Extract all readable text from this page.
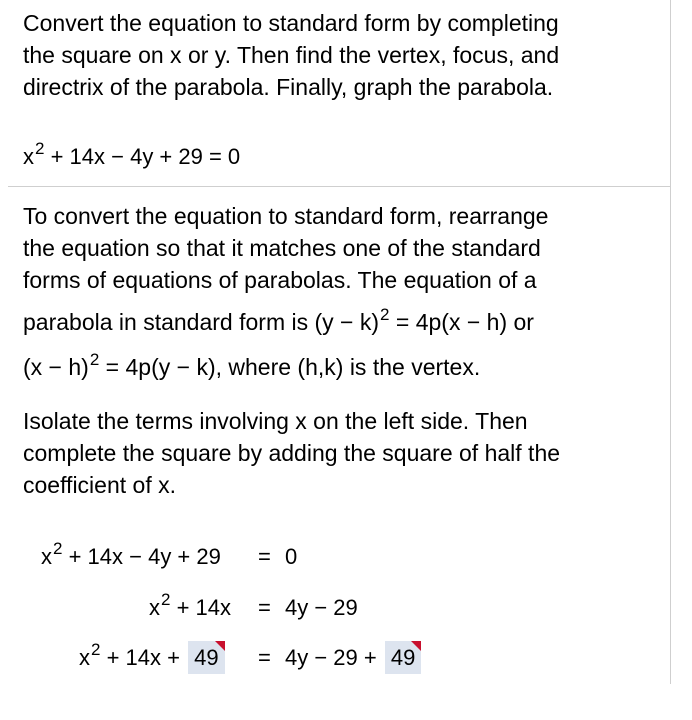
Convert the equation to standard form by completing
the square on x or y. Then find the vertex, focus, and
directrix of the parabola. Finally, graph the parabola.
$x^2 + 14x - 4y + 29 = 0$
To convert the equation to standard form, rearrange
the equation so that it matches one of the standard
forms of equations of parabolas. The equation of a
parabola in standard form is $(y - k)^2 = 4p(x - h)$ or
$(x - h)^2 = 4p(y - k)$, where (h,k) is the vertex.
Isolate the terms involving x on the left side. Then
complete the square by adding the square of half the
coefficient of x.
$x^2 + 14x - 4y + 29 = 0$
$x^2 + 14x = 4y - 29$
$x^2 + 14x + 49 = 4y - 29 + 49$
